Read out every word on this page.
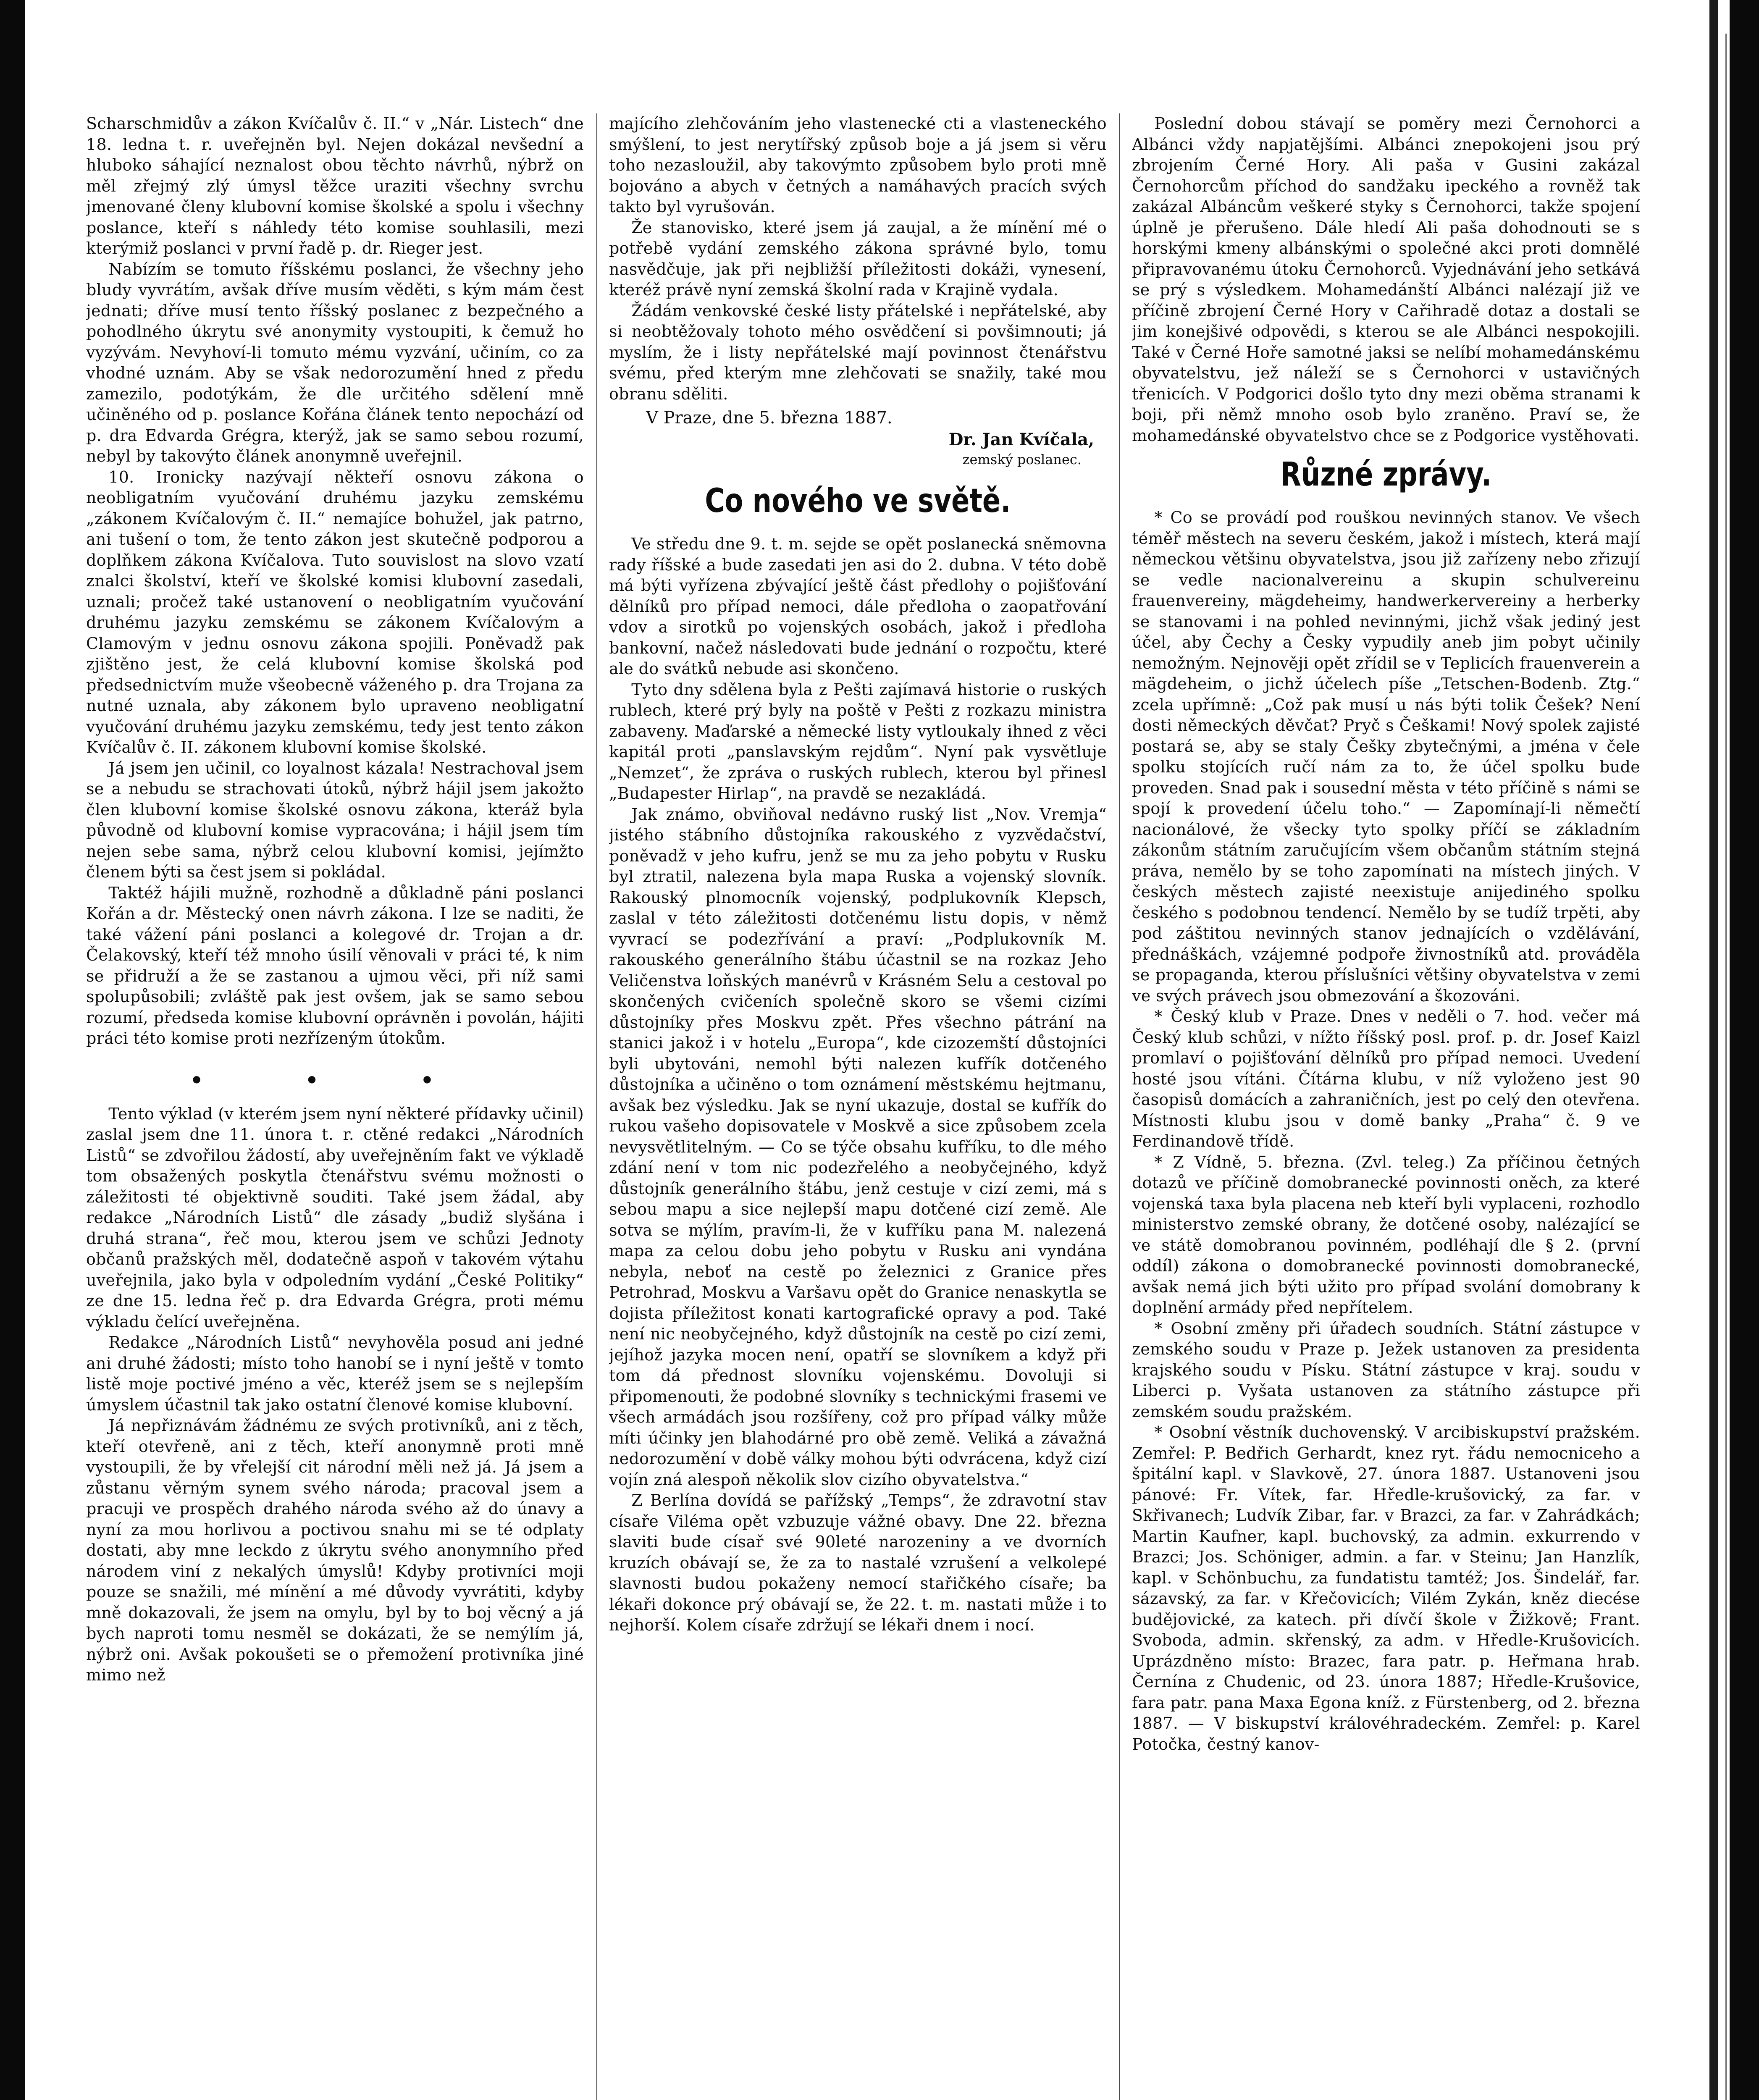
Scharschmidův a zákon Kvíčalův č. II.“ v „Nár. Listech“ dne 18. ledna t. r. uveřejněn byl. Nejen dokázal nevšední a hluboko sáhající neznalost obou těchto návrhů, nýbrž on měl zřejmý zlý úmysl těžce uraziti všechny svrchu jmenované členy klubovní komise školské a spolu i všechny poslance, kteří s náhledy této komise souhlasili, mezi kterýmiž poslanci v první řadě p. dr. Rieger jest.

Nabízím se tomuto říšskému poslanci, že všechny jeho bludy vyvrátím, avšak dříve musím věděti, s kým mám čest jednati; dříve musí tento říšský poslanec z bezpečného a pohodlného úkrytu své anonymity vystoupiti, k čemuž ho vyzývám. Nevyhoví-li tomuto mému vyzvání, učiním, co za vhodné uznám. Aby se však nedorozumění hned z předu zamezilo, podotýkám, že dle určitého sdělení mně učiněného od p. poslance Kořána článek tento nepochází od p. dra Edvarda Grégra, kterýž, jak se samo sebou rozumí, nebyl by takovýto článek anonymně uveřejnil.

10. Ironicky nazývají někteří osnovu zákona o neobligatním vyučování druhému jazyku zemskému „zákonem Kvíčalovým č. II.“ nemajíce bohužel, jak patrno, ani tušení o tom, že tento zákon jest skutečně podporou a doplňkem zákona Kvíčalova. Tuto souvislost na slovo vzatí znalci školství, kteří ve školské komisi klubovní zasedali, uznali; pročež také ustanovení o neobligatním vyučování druhému jazyku zemskému se zákonem Kvíčalovým a Clamovým v jednu osnovu zákona spojili. Poněvadž pak zjištěno jest, že celá klubovní komise školská pod předsednictvím muže všeobecně váženého p. dra Trojana za nutné uznala, aby zákonem bylo upraveno neobligatní vyučování druhému jazyku zemskému, tedy jest tento zákon Kvíčalův č. II. zákonem klubovní komise školské.

Já jsem jen učinil, co loyalnost kázala! Nestrachoval jsem se a nebudu se strachovati útoků, nýbrž hájil jsem jakožto člen klubovní komise školské osnovu zákona, kteráž byla původně od klubovní komise vypracována; i hájil jsem tím nejen sebe sama, nýbrž celou klubovní komisi, jejímžto členem býti sa čest jsem si pokládal.

Taktéž hájili mužně, rozhodně a důkladně páni poslanci Kořán a dr. Městecký onen návrh zákona. I lze se naditi, že také vážení páni poslanci a kolegové dr. Trojan a dr. Čelakovský, kteří též mnoho úsilí věnovali v práci té, k nim se přidruží a že se zastanou a ujmou věci, při níž sami spolupůsobili; zvláště pak jest ovšem, jak se samo sebou rozumí, předseda komise klubovní oprávněn i povolán, hájiti práci této komise proti nezřízeným útokům.

• • •

Tento výklad (v kterém jsem nyní některé přídavky učinil) zaslal jsem dne 11. února t. r. ctěné redakci „Národních Listů“ se zdvořilou žádostí, aby uveřejněním fakt ve výkladě tom obsažených poskytla čtenářstvu svému možnosti o záležitosti té objektivně souditi. Také jsem žádal, aby redakce „Národních Listů“ dle zásady „budiž slyšána i druhá strana“, řeč mou, kterou jsem ve schůzi Jednoty občanů pražských měl, dodatečně aspoň v takovém výtahu uveřejnila, jako byla v odpoledním vydání „České Politiky“ ze dne 15. ledna řeč p. dra Edvarda Grégra, proti mému výkladu čelící uveřejněna.

Redakce „Národních Listů“ nevyhověla posud ani jedné ani druhé žádosti; místo toho hanobí se i nyní ještě v tomto listě moje poctivé jméno a věc, kteréž jsem se s nejlepším úmyslem účastnil tak jako ostatní členové komise klubovní.

Já nepřiznávám žádnému ze svých protivníků, ani z těch, kteří otevřeně, ani z těch, kteří anonymně proti mně vystoupili, že by vřelejší cit národní měli než já. Já jsem a zůstanu věrným synem svého národa; pracoval jsem a pracuji ve prospěch drahého národa svého až do únavy a nyní za mou horlivou a poctivou snahu mi se té odplaty dostati, aby mne leckdo z úkrytu svého anonymního před národem viní z nekalých úmyslů! Kdyby protivníci moji pouze se snažili, mé mínění a mé důvody vyvrátiti, kdyby mně dokazovali, že jsem na omylu, byl by to boj věcný a já bych naproti tomu nesměl se dokázati, že se nemýlím já, nýbrž oni. Avšak pokoušeti se o přemožení protivníka jiné mimo než

majícího zlehčováním jeho vlastenecké cti a vlasteneckého smýšlení, to jest nerytířský způsob boje a já jsem si věru toho nezasloužil, aby takovýmto způsobem bylo proti mně bojováno a abych v četných a namáhavých pracích svých takto byl vyrušován.

Že stanovisko, které jsem já zaujal, a že mínění mé o potřebě vydání zemského zákona správné bylo, tomu nasvědčuje, jak při nejbližší příležitosti dokáži, vynesení, kteréž právě nyní zemská školní rada v Krajině vydala.

Žádám venkovské české listy přátelské i nepřátelské, aby si neobtěžovaly tohoto mého osvědčení si povšimnouti; já myslím, že i listy nepřátelské mají povinnost čtenářstvu svému, před kterým mne zlehčovati se snažily, také mou obranu sděliti.

V Praze, dne 5. března 1887.

Dr. Jan Kvíčala,

zemský poslanec.

Co nového ve světě.

Ve středu dne 9. t. m. sejde se opět poslanecká sněmovna rady říšské a bude zasedati jen asi do 2. dubna. V této době má býti vyřízena zbývající ještě část předlohy o pojišťování dělníků pro případ nemoci, dále předloha o zaopatřování vdov a sirotků po vojenských osobách, jakož i předloha bankovní, načež následovati bude jednání o rozpočtu, které ale do svátků nebude asi skončeno.

Tyto dny sdělena byla z Pešti zajímavá historie o ruských rublech, které prý byly na poště v Pešti z rozkazu ministra zabaveny. Maďarské a německé listy vytloukaly ihned z věci kapitál proti „panslavským rejdům“. Nyní pak vysvětluje „Nemzet“, že zpráva o ruských rublech, kterou byl přinesl „Budapester Hirlap“, na pravdě se nezakládá.

Jak známo, obviňoval nedávno ruský list „Nov. Vremja“ jistého stábního důstojníka rakouského z vyzvědačství, poněvadž v jeho kufru, jenž se mu za jeho pobytu v Rusku byl ztratil, nalezena byla mapa Ruska a vojenský slovník. Rakouský plnomocník vojenský, podplukovník Klepsch, zaslal v této záležitosti dotčenému listu dopis, v němž vyvrací se podezřívání a praví: „Podplukovník M. rakouského generálního štábu účastnil se na rozkaz Jeho Veličenstva loňských manévrů v Krásném Selu a cestoval po skončených cvičeních společně skoro se všemi cizími důstojníky přes Moskvu zpět. Přes všechno pátrání na stanici jakož i v hotelu „Europa“, kde cizozemští důstojníci byli ubytováni, nemohl býti nalezen kufřík dotčeného důstojníka a učiněno o tom oznámení městskému hejtmanu, avšak bez výsledku. Jak se nyní ukazuje, dostal se kufřík do rukou vašeho dopisovatele v Moskvě a sice způsobem zcela nevysvětlitelným. — Co se týče obsahu kufříku, to dle mého zdání není v tom nic podezřelého a neobyčejného, když důstojník generálního štábu, jenž cestuje v cizí zemi, má s sebou mapu a sice nejlepší mapu dotčené cizí země. Ale sotva se mýlím, pravím-li, že v kufříku pana M. nalezená mapa za celou dobu jeho pobytu v Rusku ani vyndána nebyla, neboť na cestě po železnici z Granice přes Petrohrad, Moskvu a Varšavu opět do Granice nenaskytla se dojista příležitost konati kartografické opravy a pod. Také není nic neobyčejného, když důstojník na cestě po cizí zemi, jejíhož jazyka mocen není, opatří se slovníkem a když při tom dá přednost slovníku vojenskému. Dovoluji si připomenouti, že podobné slovníky s technickými frasemi ve všech armádách jsou rozšířeny, což pro případ války může míti účinky jen blahodárné pro obě země. Veliká a závažná nedorozumění v době války mohou býti odvrácena, když cizí vojín zná alespoň několik slov cizího obyvatelstva.“

Z Berlína dovídá se pařížský „Temps“, že zdravotní stav císaře Viléma opět vzbuzuje vážné obavy. Dne 22. března slaviti bude císař své 90leté narozeniny a ve dvorních kruzích obávají se, že za to nastalé vzrušení a velkolepé slavnosti budou pokaženy nemocí stařičkého císaře; ba lékaři dokonce prý obávají se, že 22. t. m. nastati může i to nejhorší. Kolem císaře zdržují se lékaři dnem i nocí.

Poslední dobou stávají se poměry mezi Černohorci a Albánci vždy napjatějšími. Albánci znepokojeni jsou prý zbrojením Černé Hory. Ali paša v Gusini zakázal Černohorcům příchod do sandžaku ipeckého a rovněž tak zakázal Albáncům veškeré styky s Černohorci, takže spojení úplně je přerušeno. Dále hledí Ali paša dohodnouti se s horskými kmeny albánskými o společné akci proti domnělé připravovanému útoku Černohorců. Vyjednávání jeho setkává se prý s výsledkem. Mohamedánští Albánci nalézají již ve příčině zbrojení Černé Hory v Cařihradě dotaz a dostali se jim konejšivé odpovědi, s kterou se ale Albánci nespokojili. Také v Černé Hoře samotné jaksi se nelíbí mohamedánskému obyvatelstvu, jež náleží se s Černohorci v ustavičných třenicích. V Podgorici došlo tyto dny mezi oběma stranami k boji, při němž mnoho osob bylo zraněno. Praví se, že mohamedánské obyvatelstvo chce se z Podgorice vystěhovati.

Různé zprávy.

* Co se provádí pod rouškou nevinných stanov. Ve všech téměř městech na severu českém, jakož i místech, která mají německou většinu obyvatelstva, jsou již zařízeny nebo zřizují se vedle nacionalvereinu a skupin schulvereinu frauenvereiny, mägdeheimy, handwerkervereiny a herberky se stanovami i na pohled nevinnými, jichž však jediný jest účel, aby Čechy a Česky vypudily aneb jim pobyt učinily nemožným. Nejnověji opět zřídil se v Teplicích frauenverein a mägdeheim, o jichž účelech píše „Tetschen-Bodenb. Ztg.“ zcela upřímně: „Což pak musí u nás býti tolik Češek? Není dosti německých děvčat? Pryč s Češkami! Nový spolek zajisté postará se, aby se staly Češky zbytečnými, a jména v čele spolku stojících ručí nám za to, že účel spolku bude proveden. Snad pak i sousední města v této příčině s námi se spojí k provedení účelu toho.“ — Zapomínají-li němečtí nacionálové, že všecky tyto spolky příčí se základním zákonům státním zaručujícím všem občanům státním stejná práva, nemělo by se toho zapomínati na místech jiných. V českých městech zajisté neexistuje anijediného spolku českého s podobnou tendencí. Nemělo by se tudíž trpěti, aby pod záštitou nevinných stanov jednajících o vzdělávání, přednáškách, vzájemné podpoře živnostníků atd. prováděla se propaganda, kterou příslušníci většiny obyvatelstva v zemi ve svých právech jsou obmezování a škozováni.

* Český klub v Praze. Dnes v neděli o 7. hod. večer má Český klub schůzi, v nížto říšský posl. prof. p. dr. Josef Kaizl promlaví o pojišťování dělníků pro případ nemoci. Uvedení hosté jsou vítáni. Čítárna klubu, v níž vyloženo jest 90 časopisů domácích a zahraničních, jest po celý den otevřena. Místnosti klubu jsou v domě banky „Praha“ č. 9 ve Ferdinandově třídě.

* Z Vídně, 5. března. (Zvl. teleg.) Za příčinou četných dotazů ve příčině domobranecké povinnosti oněch, za které vojenská taxa byla placena neb kteří byli vyplaceni, rozhodlo ministerstvo zemské obrany, že dotčené osoby, nalézající se ve státě domobranou povinném, podléhají dle § 2. (první oddíl) zákona o domobranecké povinnosti domobranecké, avšak nemá jich býti užito pro případ svolání domobrany k doplnění armády před nepřítelem.

* Osobní změny při úřadech soudních. Státní zástupce v zemského soudu v Praze p. Ježek ustanoven za presidenta krajského soudu v Písku. Státní zástupce v kraj. soudu v Liberci p. Vyšata ustanoven za státního zástupce při zemském soudu pražském.

* Osobní věstník duchovenský. V arcibiskupství pražském. Zemřel: P. Bedřich Gerhardt, knez ryt. řádu nemocniceho a špitální kapl. v Slavkově, 27. února 1887. Ustanoveni jsou pánové: Fr. Vítek, far. Hředle-krušovický, za far. v Skřivanech; Ludvík Zibar, far. v Brazci, za far. v Zahrádkách; Martin Kaufner, kapl. buchovský, za admin. exkurrendo v Brazci; Jos. Schöniger, admin. a far. v Steinu; Jan Hanzlík, kapl. v Schönbuchu, za fundatistu tamtéž; Jos. Šindelář, far. sázavský, za far. v Křečovicích; Vilém Zykán, kněz diecése budějovické, za katech. při dívčí škole v Žižkově; Frant. Svoboda, admin. skřenský, za adm. v Hředle-Krušovicích. Uprázdněno místo: Brazec, fara patr. p. Heřmana hrab. Černína z Chudenic, od 23. února 1887; Hředle-Krušovice, fara patr. pana Maxa Egona kníž. z Fürstenberg, od 2. března 1887. — V biskupství královéhradeckém. Zemřel: p. Karel Potočka, čestný kanov-
